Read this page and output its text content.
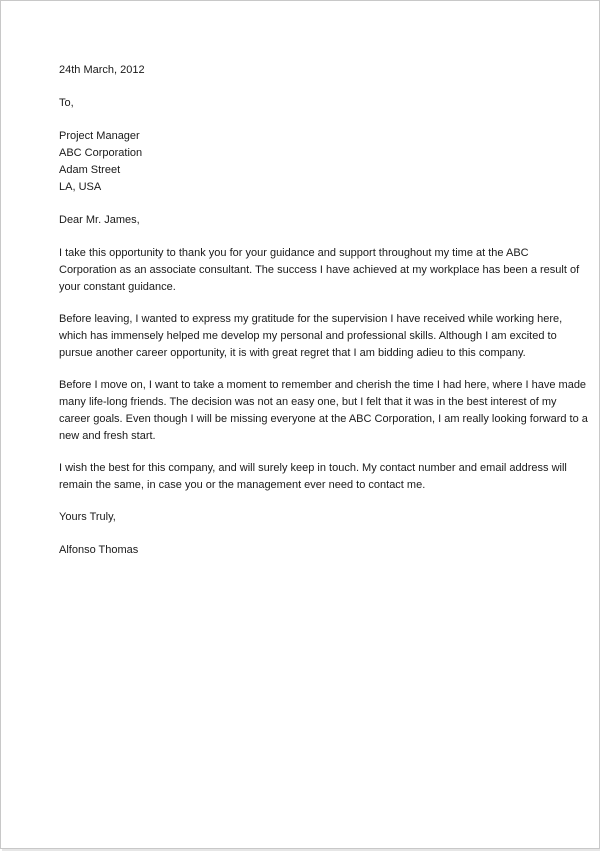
24th March, 2012
To,
Project Manager
ABC Corporation
Adam Street
LA, USA
Dear Mr. James,
I take this opportunity to thank you for your guidance and support throughout my time at the ABC
Corporation as an associate consultant. The success I have achieved at my workplace has been a result of
your constant guidance.
Before leaving, I wanted to express my gratitude for the supervision I have received while working here,
which has immensely helped me develop my personal and professional skills. Although I am excited to
pursue another career opportunity, it is with great regret that I am bidding adieu to this company.
Before I move on, I want to take a moment to remember and cherish the time I had here, where I have made
many life-long friends. The decision was not an easy one, but I felt that it was in the best interest of my
career goals. Even though I will be missing everyone at the ABC Corporation, I am really looking forward to a
new and fresh start.
I wish the best for this company, and will surely keep in touch. My contact number and email address will
remain the same, in case you or the management ever need to contact me.
Yours Truly,
Alfonso Thomas
